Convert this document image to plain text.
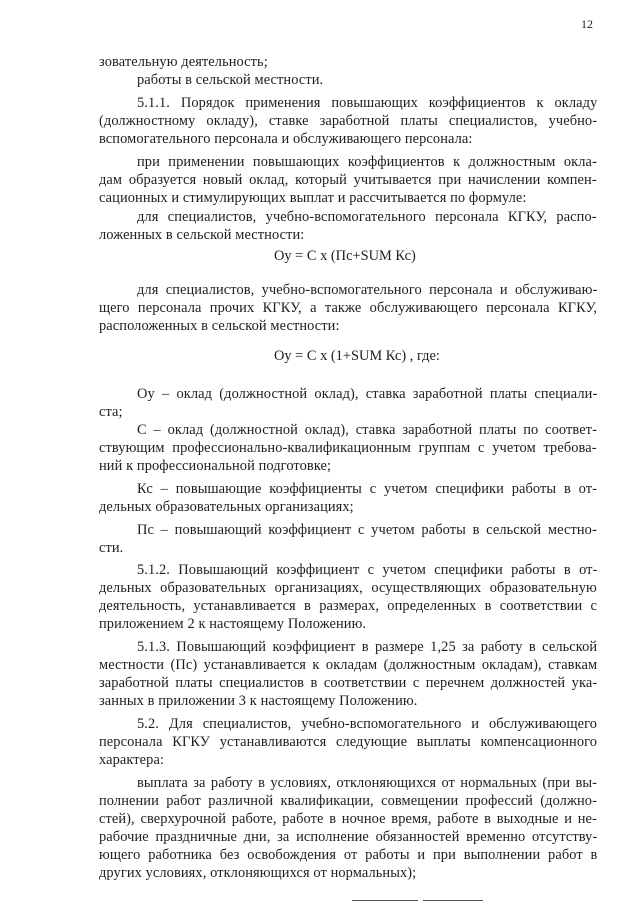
12
зовательную деятельность;
работы в сельской местности.
5.1.1. Порядок применения повышающих коэффициентов к окладу
(должностному окладу), ставке заработной платы специалистов, учебно-
вспомогательного персонала и обслуживающего персонала:
при применении повышающих коэффициентов к должностным окла-
дам образуется новый оклад, который учитывается при начислении компен-
сационных и стимулирующих выплат и рассчитывается по формуле:
для специалистов, учебно-вспомогательного персонала КГКУ, распо-
ложенных в сельской местности:
для специалистов, учебно-вспомогательного персонала и обслуживаю-
щего персонала прочих КГКУ, а также обслуживающего персонала КГКУ,
расположенных в сельской местности:
Оу – оклад (должностной оклад), ставка заработной платы специали-
ста;
С – оклад (должностной оклад), ставка заработной платы по соответ-
ствующим профессионально-квалификационным группам с учетом требова-
ний к профессиональной подготовке;
Кс – повышающие коэффициенты с учетом специфики работы в от-
дельных образовательных организациях;
Пс – повышающий коэффициент с учетом работы в сельской местно-
сти.
5.1.2. Повышающий коэффициент с учетом специфики работы в от-
дельных образовательных организациях, осуществляющих образовательную
деятельность, устанавливается в размерах, определенных в соответствии с
приложением 2 к настоящему Положению.
5.1.3. Повышающий коэффициент в размере 1,25 за работу в сельской
местности (Пс) устанавливается к окладам (должностным окладам), ставкам
заработной платы специалистов в соответствии с перечнем должностей ука-
занных в приложении 3 к настоящему Положению.
5.2. Для специалистов, учебно-вспомогательного и обслуживающего
персонала КГКУ устанавливаются следующие выплаты компенсационного
характера:
выплата за работу в условиях, отклоняющихся от нормальных (при вы-
полнении работ различной квалификации, совмещении профессий (должно-
стей), сверхурочной работе, работе в ночное время, работе в выходные и не-
рабочие праздничные дни, за исполнение обязанностей временно отсутству-
ющего работника без освобождения от работы и при выполнении работ в
других условиях, отклоняющихся от нормальных);
Оу = С х (Пс+SUM Кс)
Оу = С х (1+SUM Кс) , где:
